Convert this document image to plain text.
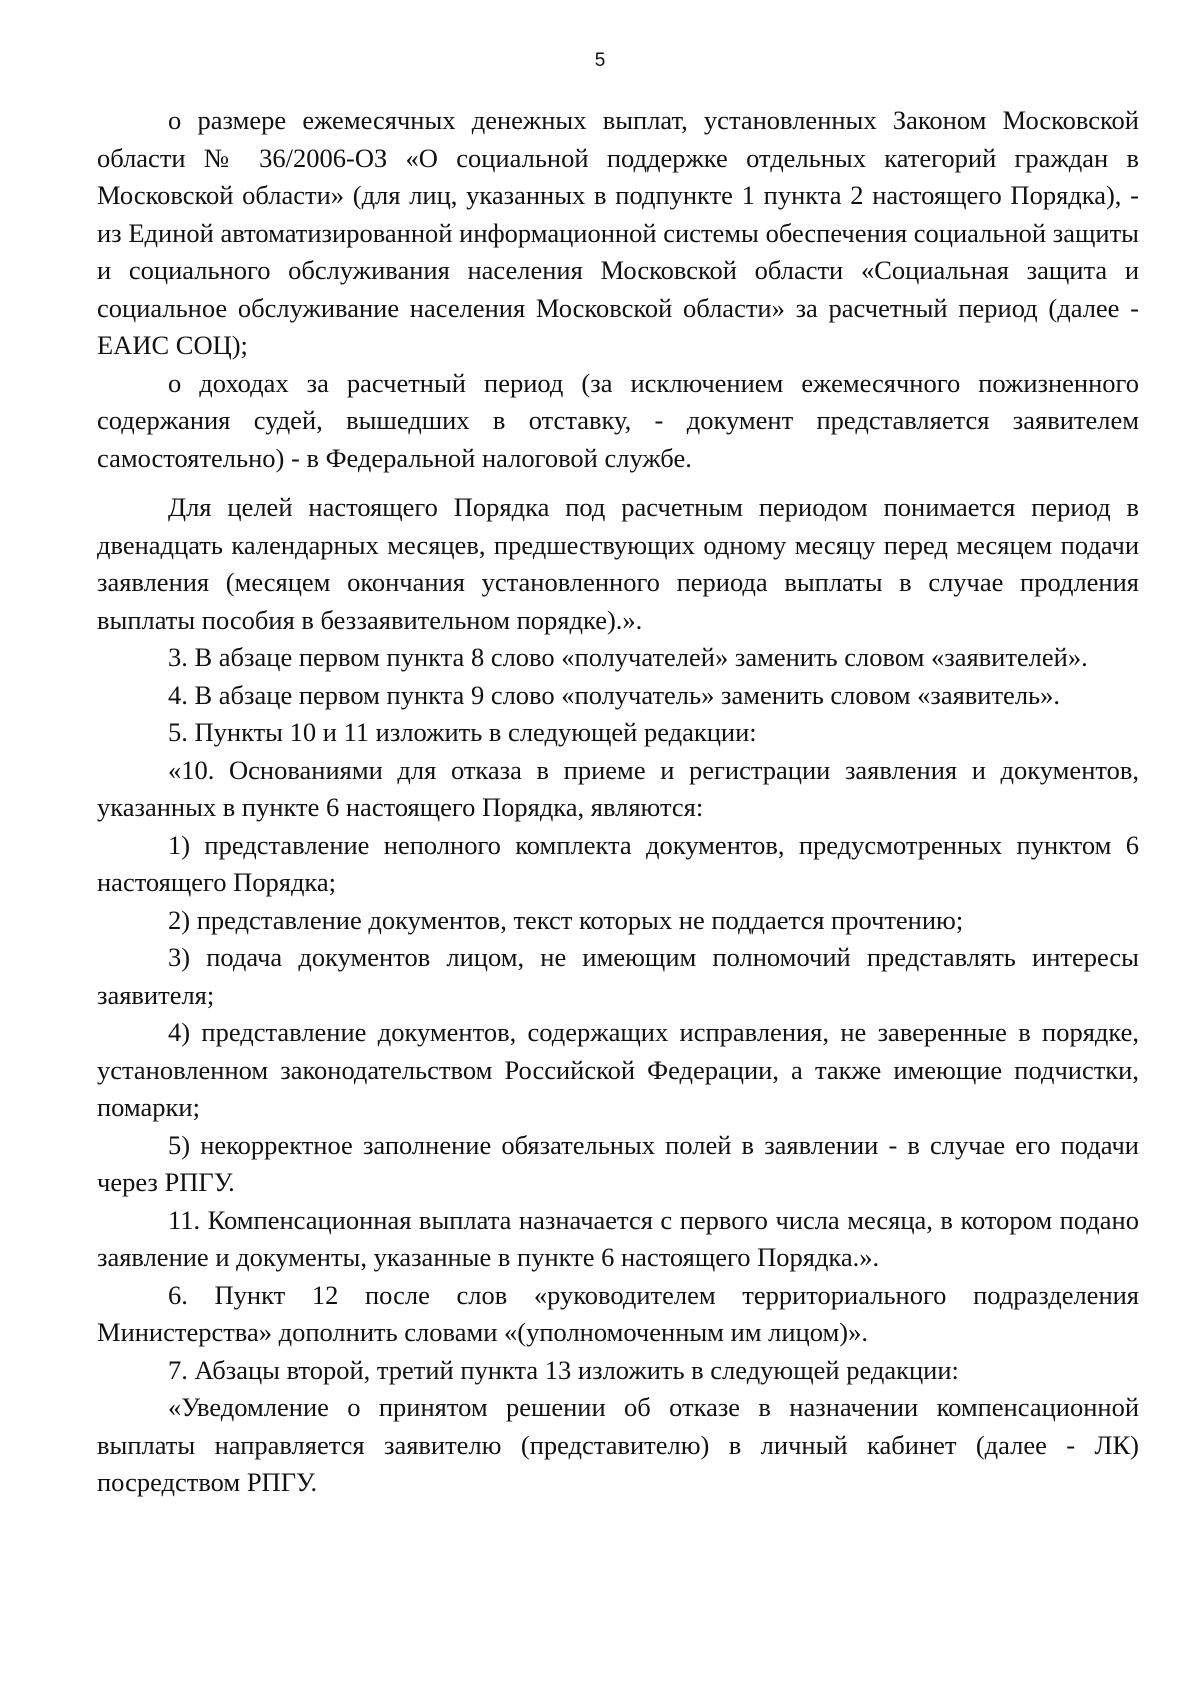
5

о размере ежемесячных денежных выплат, установленных Законом Московской области № 36/2006-ОЗ «О социальной поддержке отдельных категорий граждан в Московской области» (для лиц, указанных в подпункте 1 пункта 2 настоящего Порядка), - из Единой автоматизированной информационной системы обеспечения социальной защиты и социального обслуживания населения Московской области «Социальная защита и социальное обслуживание населения Московской области» за расчетный период (далее - ЕАИС СОЦ);

о доходах за расчетный период (за исключением ежемесячного пожизненного содержания судей, вышедших в отставку, - документ представляется заявителем самостоятельно) - в Федеральной налоговой службе.

Для целей настоящего Порядка под расчетным периодом понимается период в двенадцать календарных месяцев, предшествующих одному месяцу перед месяцем подачи заявления (месяцем окончания установленного периода выплаты в случае продления выплаты пособия в беззаявительном порядке).».

3. В абзаце первом пункта 8 слово «получателей» заменить словом «заявителей».

4. В абзаце первом пункта 9 слово «получатель» заменить словом «заявитель».

5. Пункты 10 и 11 изложить в следующей редакции:

«10. Основаниями для отказа в приеме и регистрации заявления и документов, указанных в пункте 6 настоящего Порядка, являются:

1) представление неполного комплекта документов, предусмотренных пунктом 6 настоящего Порядка;

2) представление документов, текст которых не поддается прочтению;

3) подача документов лицом, не имеющим полномочий представлять интересы заявителя;

4) представление документов, содержащих исправления, не заверенные в порядке, установленном законодательством Российской Федерации, а также имеющие подчистки, помарки;

5) некорректное заполнение обязательных полей в заявлении - в случае его подачи через РПГУ.

11. Компенсационная выплата назначается с первого числа месяца, в котором подано заявление и документы, указанные в пункте 6 настоящего Порядка.».

6. Пункт 12 после слов «руководителем территориального подразделения Министерства» дополнить словами «(уполномоченным им лицом)».

7. Абзацы второй, третий пункта 13 изложить в следующей редакции:

«Уведомление о принятом решении об отказе в назначении компенсационной выплаты направляется заявителю (представителю) в личный кабинет (далее - ЛК) посредством РПГУ.
